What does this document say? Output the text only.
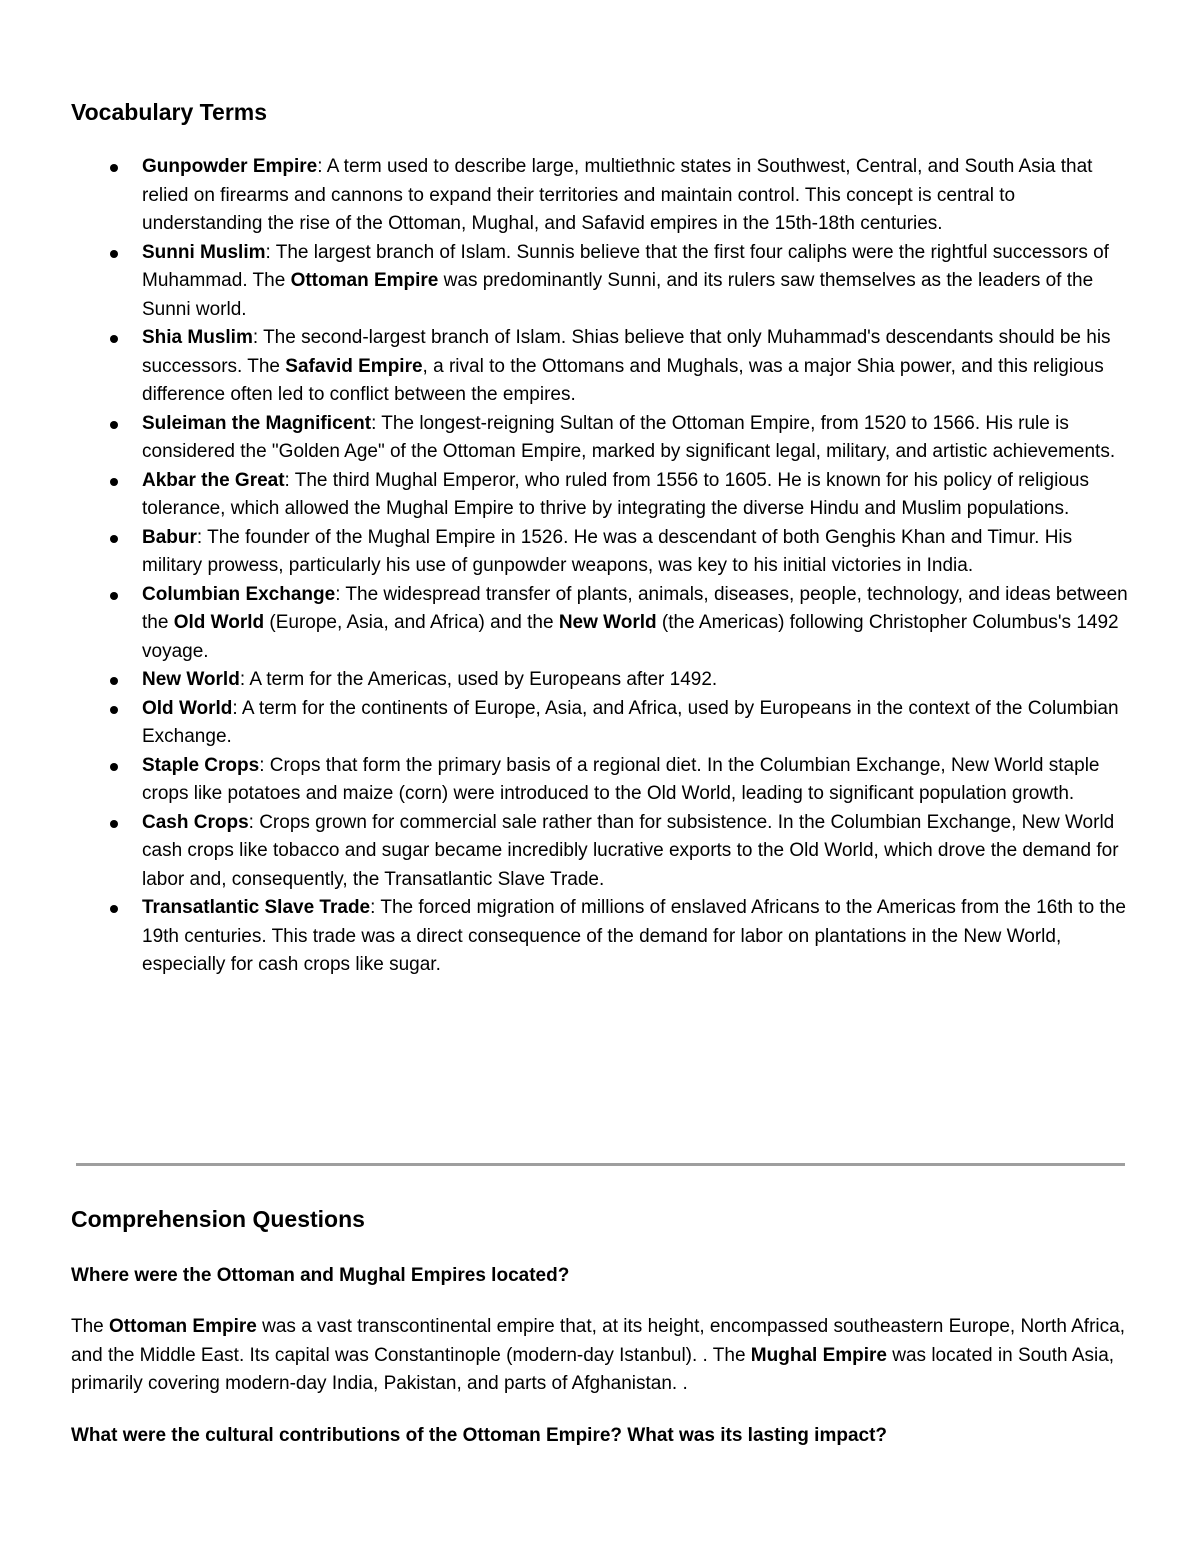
Vocabulary Terms
Gunpowder Empire: A term used to describe large, multiethnic states in Southwest, Central, and South Asia that relied on firearms and cannons to expand their territories and maintain control. This concept is central to understanding the rise of the Ottoman, Mughal, and Safavid empires in the 15th-18th centuries.
Sunni Muslim: The largest branch of Islam. Sunnis believe that the first four caliphs were the rightful successors of Muhammad. The Ottoman Empire was predominantly Sunni, and its rulers saw themselves as the leaders of the Sunni world.
Shia Muslim: The second-largest branch of Islam. Shias believe that only Muhammad's descendants should be his successors. The Safavid Empire, a rival to the Ottomans and Mughals, was a major Shia power, and this religious difference often led to conflict between the empires.
Suleiman the Magnificent: The longest-reigning Sultan of the Ottoman Empire, from 1520 to 1566. His rule is considered the "Golden Age" of the Ottoman Empire, marked by significant legal, military, and artistic achievements.
Akbar the Great: The third Mughal Emperor, who ruled from 1556 to 1605. He is known for his policy of religious tolerance, which allowed the Mughal Empire to thrive by integrating the diverse Hindu and Muslim populations.
Babur: The founder of the Mughal Empire in 1526. He was a descendant of both Genghis Khan and Timur. His military prowess, particularly his use of gunpowder weapons, was key to his initial victories in India.
Columbian Exchange: The widespread transfer of plants, animals, diseases, people, technology, and ideas between the Old World (Europe, Asia, and Africa) and the New World (the Americas) following Christopher Columbus's 1492 voyage.
New World: A term for the Americas, used by Europeans after 1492.
Old World: A term for the continents of Europe, Asia, and Africa, used by Europeans in the context of the Columbian Exchange.
Staple Crops: Crops that form the primary basis of a regional diet. In the Columbian Exchange, New World staple crops like potatoes and maize (corn) were introduced to the Old World, leading to significant population growth.
Cash Crops: Crops grown for commercial sale rather than for subsistence. In the Columbian Exchange, New World cash crops like tobacco and sugar became incredibly lucrative exports to the Old World, which drove the demand for labor and, consequently, the Transatlantic Slave Trade.
Transatlantic Slave Trade: The forced migration of millions of enslaved Africans to the Americas from the 16th to the 19th centuries. This trade was a direct consequence of the demand for labor on plantations in the New World, especially for cash crops like sugar.
Comprehension Questions

Where were the Ottoman and Mughal Empires located?

The Ottoman Empire was a vast transcontinental empire that, at its height, encompassed southeastern Europe, North Africa, and the Middle East. Its capital was Constantinople (modern-day Istanbul). . The Mughal Empire was located in South Asia, primarily covering modern-day India, Pakistan, and parts of Afghanistan. .

What were the cultural contributions of the Ottoman Empire? What was its lasting impact?
